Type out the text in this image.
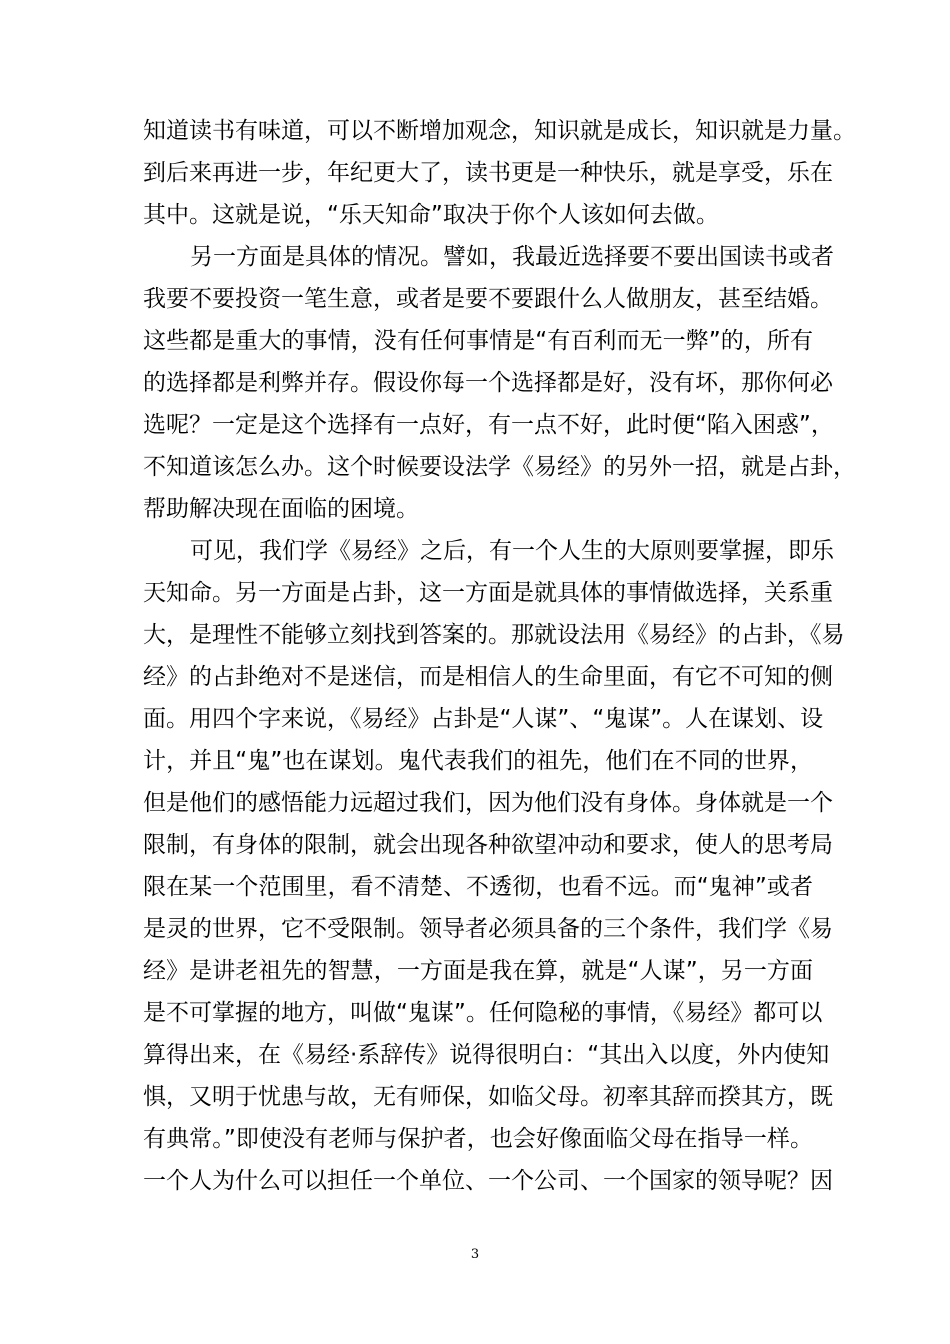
知道读书有味道，可以不断增加观念，知识就是成长，知识就是力量。
到后来再进一步，年纪更大了，读书更是一种快乐，就是享受，乐在
其中。这就是说，“乐天知命”取决于你个人该如何去做。
另一方面是具体的情况。譬如，我最近选择要不要出国读书或者
我要不要投资一笔生意，或者是要不要跟什么人做朋友，甚至结婚。
这些都是重大的事情，没有任何事情是“有百利而无一弊”的，所有
的选择都是利弊并存。假设你每一个选择都是好，没有坏，那你何必
选呢？一定是这个选择有一点好，有一点不好，此时便“陷入困惑”，
不知道该怎么办。这个时候要设法学《易经》的另外一招，就是占卦，
帮助解决现在面临的困境。
可见，我们学《易经》之后，有一个人生的大原则要掌握，即乐
天知命。另一方面是占卦，这一方面是就具体的事情做选择，关系重
大，是理性不能够立刻找到答案的。那就设法用《易经》的占卦，《易
经》的占卦绝对不是迷信，而是相信人的生命里面，有它不可知的侧
面。用四个字来说，《易经》占卦是“人谋”、“鬼谋”。人在谋划、设
计，并且“鬼”也在谋划。鬼代表我们的祖先，他们在不同的世界，
但是他们的感悟能力远超过我们，因为他们没有身体。身体就是一个
限制，有身体的限制，就会出现各种欲望冲动和要求，使人的思考局
限在某一个范围里，看不清楚、不透彻，也看不远。而“鬼神”或者
是灵的世界，它不受限制。领导者必须具备的三个条件，我们学《易
经》是讲老祖先的智慧，一方面是我在算，就是“人谋”，另一方面
是不可掌握的地方，叫做“鬼谋”。任何隐秘的事情，《易经》都可以
算得出来，在《易经·系辞传》说得很明白：“其出入以度，外内使知
惧，又明于忧患与故，无有师保，如临父母。初率其辞而揆其方，既
有典常。”即使没有老师与保护者，也会好像面临父母在指导一样。
一个人为什么可以担任一个单位、一个公司、一个国家的领导呢？因
3
